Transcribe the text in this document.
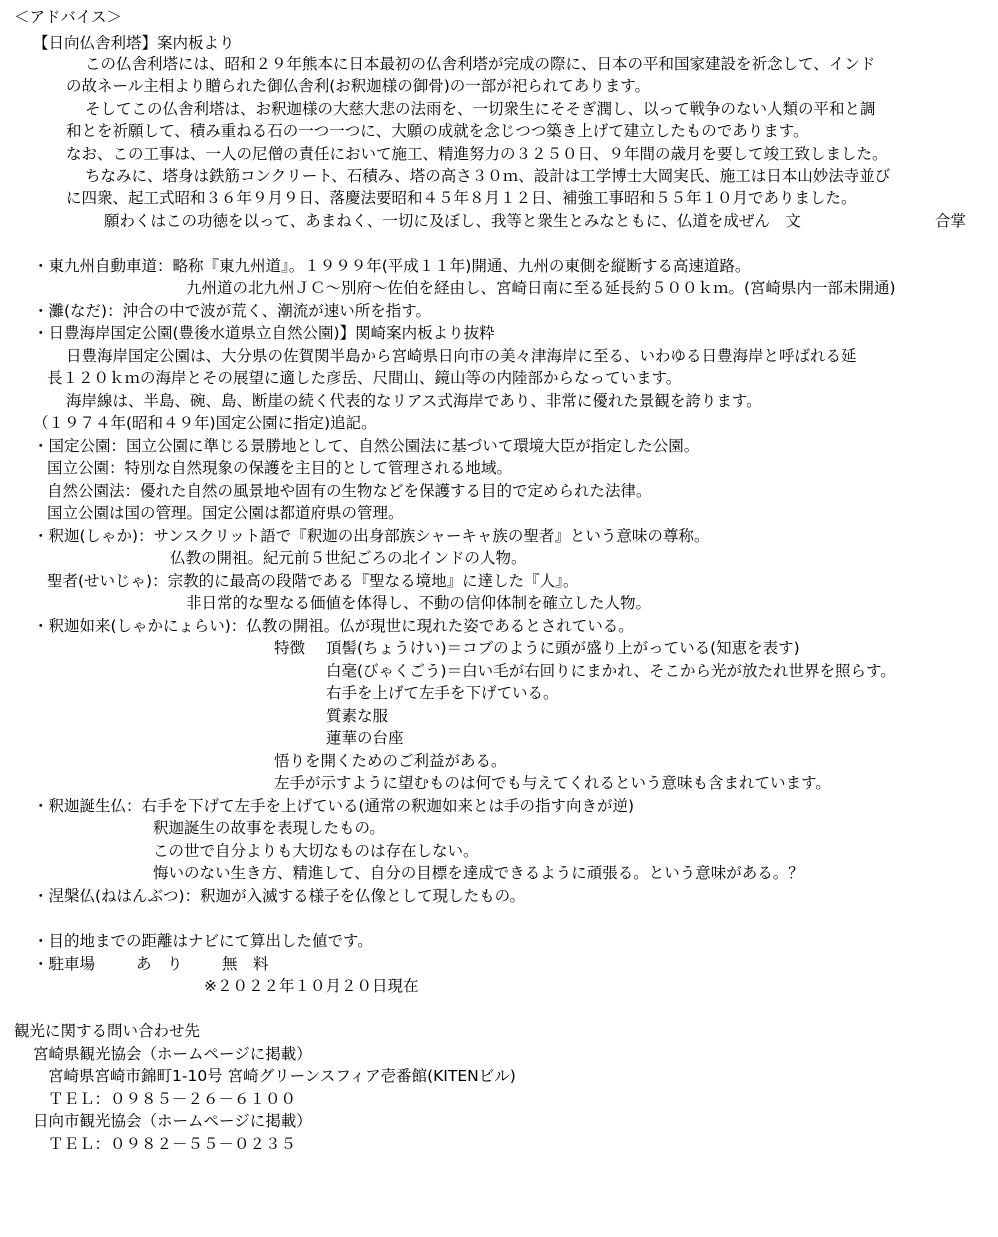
＜アドバイス＞
【日向仏舎利塔】案内板より
この仏舎利塔には、昭和２９年熊本に日本最初の仏舎利塔が完成の際に、日本の平和国家建設を祈念して、インド
の故ネール主相より贈られた御仏舎利(お釈迦様の御骨)の一部が祀られてあります。
そしてこの仏舎利塔は、お釈迦様の大慈大悲の法雨を、一切衆生にそそぎ潤し、以って戦争のない人類の平和と調
和とを祈願して、積み重ねる石の一つ一つに、大願の成就を念じつつ築き上げて建立したものであります。
なお、この工事は、一人の尼僧の責任において施工、精進努力の３２５０日、９年間の歳月を要して竣工致しました。
ちなみに、塔身は鉄筋コンクリート、石積み、塔の高さ３０ｍ、設計は工学博士大岡実氏、施工は日本山妙法寺並び
に四衆、起工式昭和３６年９月９日、落慶法要昭和４５年８月１２日、補強工事昭和５５年１０月でありました。
願わくはこの功徳を以って、あまねく、一切に及ぼし、我等と衆生とみなともに、仏道を成ぜん　文	合掌
・東九州自動車道：略称『東九州道』。１９９９年(平成１１年)開通、九州の東側を縦断する高速道路。
九州道の北九州ＪＣ～別府～佐伯を経由し、宮崎日南に至る延長約５００ｋｍ。(宮崎県内一部未開通)
・灘(なだ)：沖合の中で波が荒く、潮流が速い所を指す。
・日豊海岸国定公園(豊後水道県立自然公園)】関崎案内板より抜粋
日豊海岸国定公園は、大分県の佐賀関半島から宮崎県日向市の美々津海岸に至る、いわゆる日豊海岸と呼ばれる延
長１２０ｋｍの海岸とその展望に適した彦岳、尺間山、鏡山等の内陸部からなっています。
海岸線は、半島、碗、島、断崖の続く代表的なリアス式海岸であり、非常に優れた景観を誇ります。
（１９７４年(昭和４９年)国定公園に指定)追記。
・国定公園：国立公園に準じる景勝地として、自然公園法に基づいて環境大臣が指定した公園。
国立公園：特別な自然現象の保護を主目的として管理される地域。
自然公園法：優れた自然の風景地や固有の生物などを保護する目的で定められた法律。
国立公園は国の管理。国定公園は都道府県の管理。
・釈迦(しゃか)：サンスクリット語で『釈迦の出身部族シャーキャ族の聖者』という意味の尊称。
仏教の開祖。紀元前５世紀ごろの北インドの人物。
聖者(せいじゃ)：宗教的に最高の段階である『聖なる境地』に達した『人』。
非日常的な聖なる価値を体得し、不動の信仰体制を確立した人物。
・釈迦如来(しゃかにょらい)：仏教の開祖。仏が現世に現れた姿であるとされている。
特徴 頂髻(ちょうけい)＝コブのように頭が盛り上がっている(知恵を表す)
白毫(びゃくごう)＝白い毛が右回りにまかれ、そこから光が放たれ世界を照らす。
右手を上げて左手を下げている。
質素な服
蓮華の台座
悟りを開くためのご利益がある。
左手が示すように望むものは何でも与えてくれるという意味も含まれています。
・釈迦誕生仏：右手を下げて左手を上げている(通常の釈迦如来とは手の指す向きが逆)
釈迦誕生の故事を表現したもの。
この世で自分よりも大切なものは存在しない。
悔いのない生き方、精進して、自分の目標を達成できるように頑張る。という意味がある。？
・涅槃仏(ねはんぶつ)：釈迦が入滅する様子を仏像として現したもの。
・目的地までの距離はナビにて算出した値です。
・駐車場	あ　り	無　料
※２０２２年１０月２０日現在
観光に関する問い合わせ先
宮崎県観光協会（ホームページに掲載）
宮崎県宮崎市錦町1-10号 宮崎グリーンスフィア壱番館(KITENビル)
ＴＥＬ：０９８５－２６－６１００
日向市観光協会（ホームページに掲載）
ＴＥＬ：０９８２－５５－０２３５
